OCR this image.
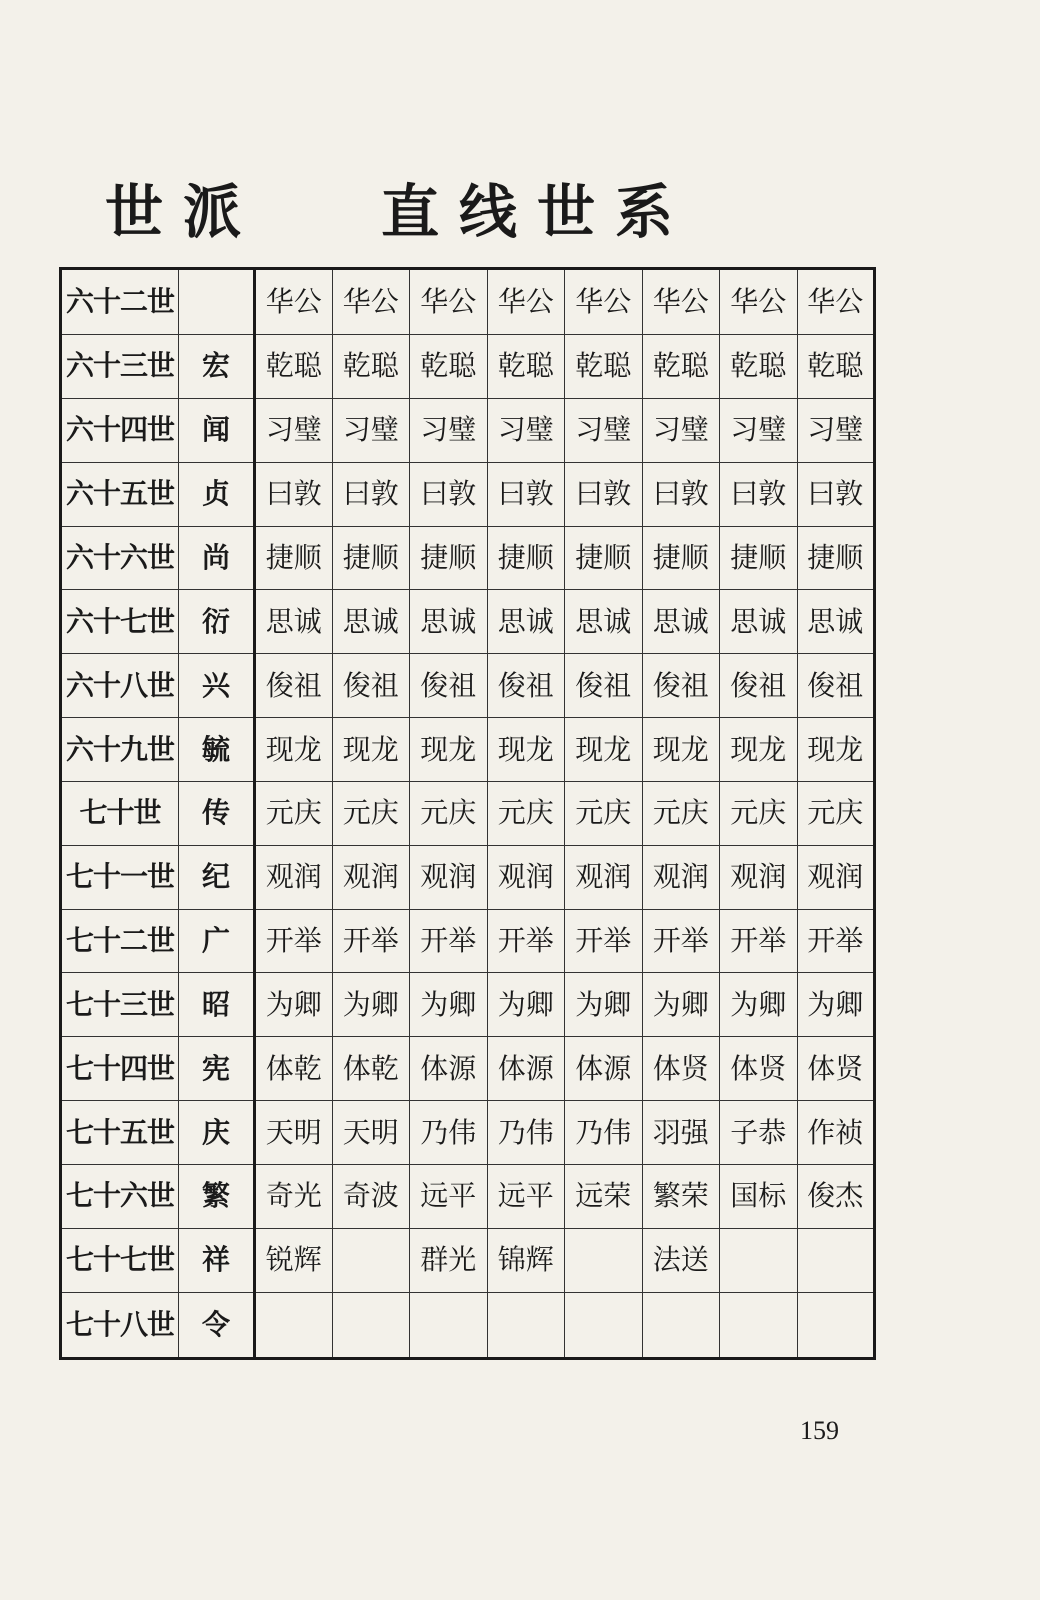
世派 直线世系
六十二世		华公	华公	华公	华公	华公	华公	华公	华公
六十三世	宏	乾聪	乾聪	乾聪	乾聪	乾聪	乾聪	乾聪	乾聪
六十四世	闻	习璧	习璧	习璧	习璧	习璧	习璧	习璧	习璧
六十五世	贞	曰敦	曰敦	曰敦	曰敦	曰敦	曰敦	曰敦	曰敦
六十六世	尚	捷顺	捷顺	捷顺	捷顺	捷顺	捷顺	捷顺	捷顺
六十七世	衍	思诚	思诚	思诚	思诚	思诚	思诚	思诚	思诚
六十八世	兴	俊祖	俊祖	俊祖	俊祖	俊祖	俊祖	俊祖	俊祖
六十九世	毓	现龙	现龙	现龙	现龙	现龙	现龙	现龙	现龙
七十世	传	元庆	元庆	元庆	元庆	元庆	元庆	元庆	元庆
七十一世	纪	观润	观润	观润	观润	观润	观润	观润	观润
七十二世	广	开举	开举	开举	开举	开举	开举	开举	开举
七十三世	昭	为卿	为卿	为卿	为卿	为卿	为卿	为卿	为卿
七十四世	宪	体乾	体乾	体源	体源	体源	体贤	体贤	体贤
七十五世	庆	天明	天明	乃伟	乃伟	乃伟	羽强	子恭	作祯
七十六世	繁	奇光	奇波	远平	远平	远荣	繁荣	国标	俊杰
七十七世	祥	锐辉		群光	锦辉		法送		
七十八世	令								
159
